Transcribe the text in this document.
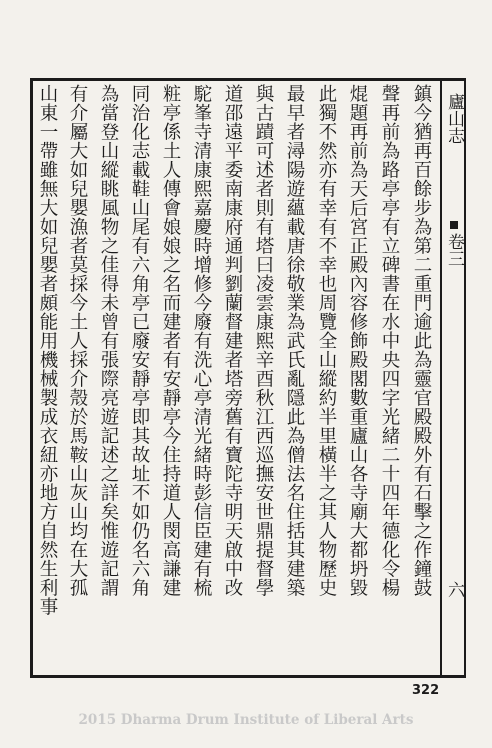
廬山志
卷三
六
鎮今猶再百餘步為第二重門逾此為靈官殿殿外有石擊之作鐘鼓
聲再前為路亭亭有立碑書在水中央四字光緒二十四年德化令楊
焜題再前為天后宮正殿內容修飾殿閣數重廬山各寺廟大都坍毀
此獨不然亦有幸有不幸也周覽全山縱約半里橫半之其人物歷史
最早者潯陽遊蘊載唐徐敬業為武氏亂隱此為僧法名住括其建築
與古蹟可述者則有塔曰凌雲康熙辛酉秋江西巡撫安世鼎提督學
道邵遠平委南康府通判劉蘭督建者塔旁舊有寶陀寺明天啟中改
駝峯寺清康熙嘉慶時增修今廢有洗心亭清光緒時彭信臣建有梳
粧亭係土人傳會娘娘之名而建者有安靜亭今住持道人閔高謙建
同治化志載鞋山尾有六角亭已廢安靜亭即其故址不如仍名六角
為當登山縱眺風物之佳得未曾有張際亮遊記述之詳矣惟遊記謂
有介屬大如兒嬰漁者莫採今土人採介殼於馬鞍山灰山均在大孤
山東一帶雖無大如兒嬰者頗能用機械製成衣紐亦地方自然生利事
322
2015 Dharma Drum Institute of Liberal Arts
